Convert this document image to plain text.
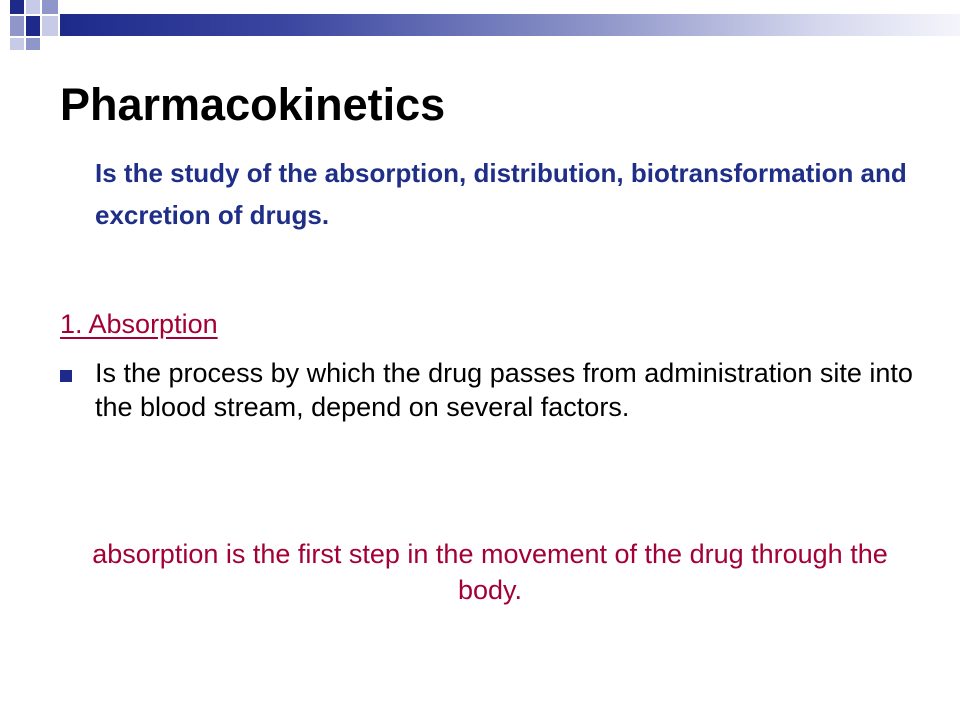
Pharmacokinetics

Is the study of the absorption, distribution, biotransformation and excretion of drugs.

1. Absorption

Is the process by which the drug passes from administration site into the blood stream, depend on several factors.

absorption is the first step in the movement of the drug through the body.
